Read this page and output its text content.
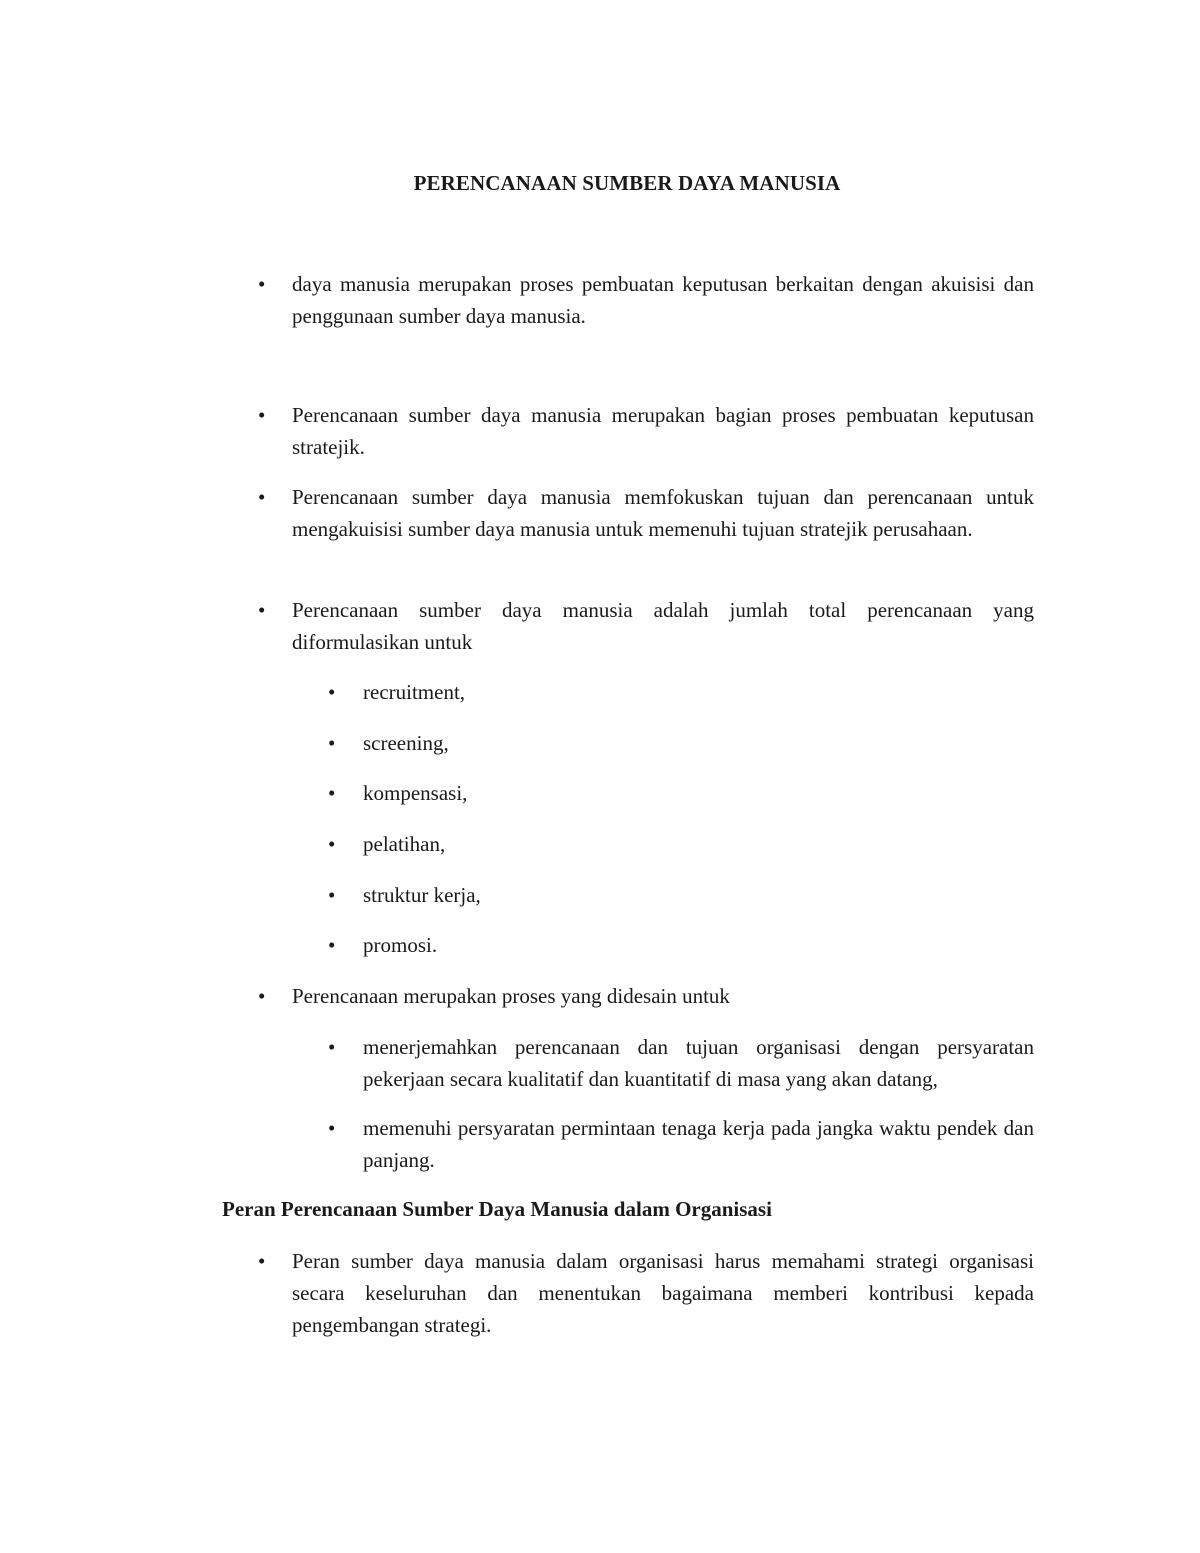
PERENCANAAN SUMBER DAYA MANUSIA
•	daya manusia merupakan proses pembuatan keputusan berkaitan dengan akuisisi dan penggunaan sumber daya manusia.
•	Perencanaan sumber daya manusia merupakan bagian proses pembuatan keputusan stratejik.
•	Perencanaan sumber daya manusia memfokuskan tujuan dan perencanaan untuk mengakuisisi sumber daya manusia untuk memenuhi tujuan stratejik perusahaan.
•	Perencanaan sumber daya manusia adalah jumlah total perencanaan yang diformulasikan untuk
•	recruitment,
•	screening,
•	kompensasi,
•	pelatihan,
•	struktur kerja,
•	promosi.
•	Perencanaan merupakan proses yang didesain untuk
•	menerjemahkan perencanaan dan tujuan organisasi dengan persyaratan pekerjaan secara kualitatif dan kuantitatif di masa yang akan datang,
•	memenuhi persyaratan permintaan tenaga kerja pada jangka waktu pendek dan panjang.
Peran Perencanaan Sumber Daya Manusia dalam Organisasi
•	Peran sumber daya manusia dalam organisasi harus memahami strategi organisasi secara keseluruhan dan menentukan bagaimana memberi kontribusi kepada pengembangan strategi.
